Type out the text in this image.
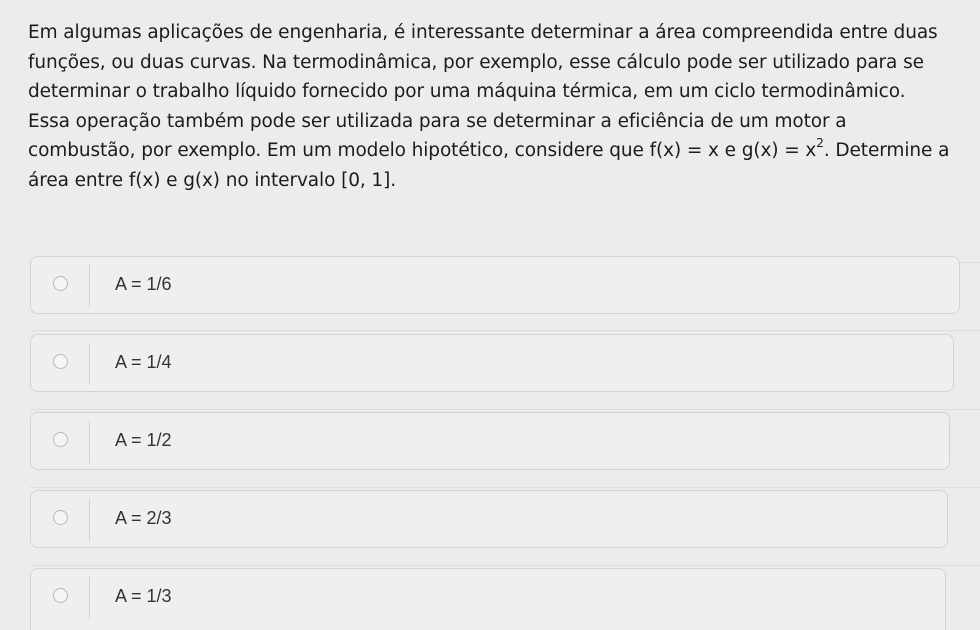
Em algumas aplicações de engenharia, é interessante determinar a área compreendida entre duas
funções, ou duas curvas. Na termodinâmica, por exemplo, esse cálculo pode ser utilizado para se
determinar o trabalho líquido fornecido por uma máquina térmica, em um ciclo termodinâmico.
Essa operação também pode ser utilizada para se determinar a eficiência de um motor a
combustão, por exemplo. Em um modelo hipotético, considere que f(x) = x e $g(x) = x^2$. Determine a
área entre f(x) e g(x) no intervalo [0, 1].
A = 1/6
A = 1/4
A = 1/2
A = 2/3
A = 1/3
